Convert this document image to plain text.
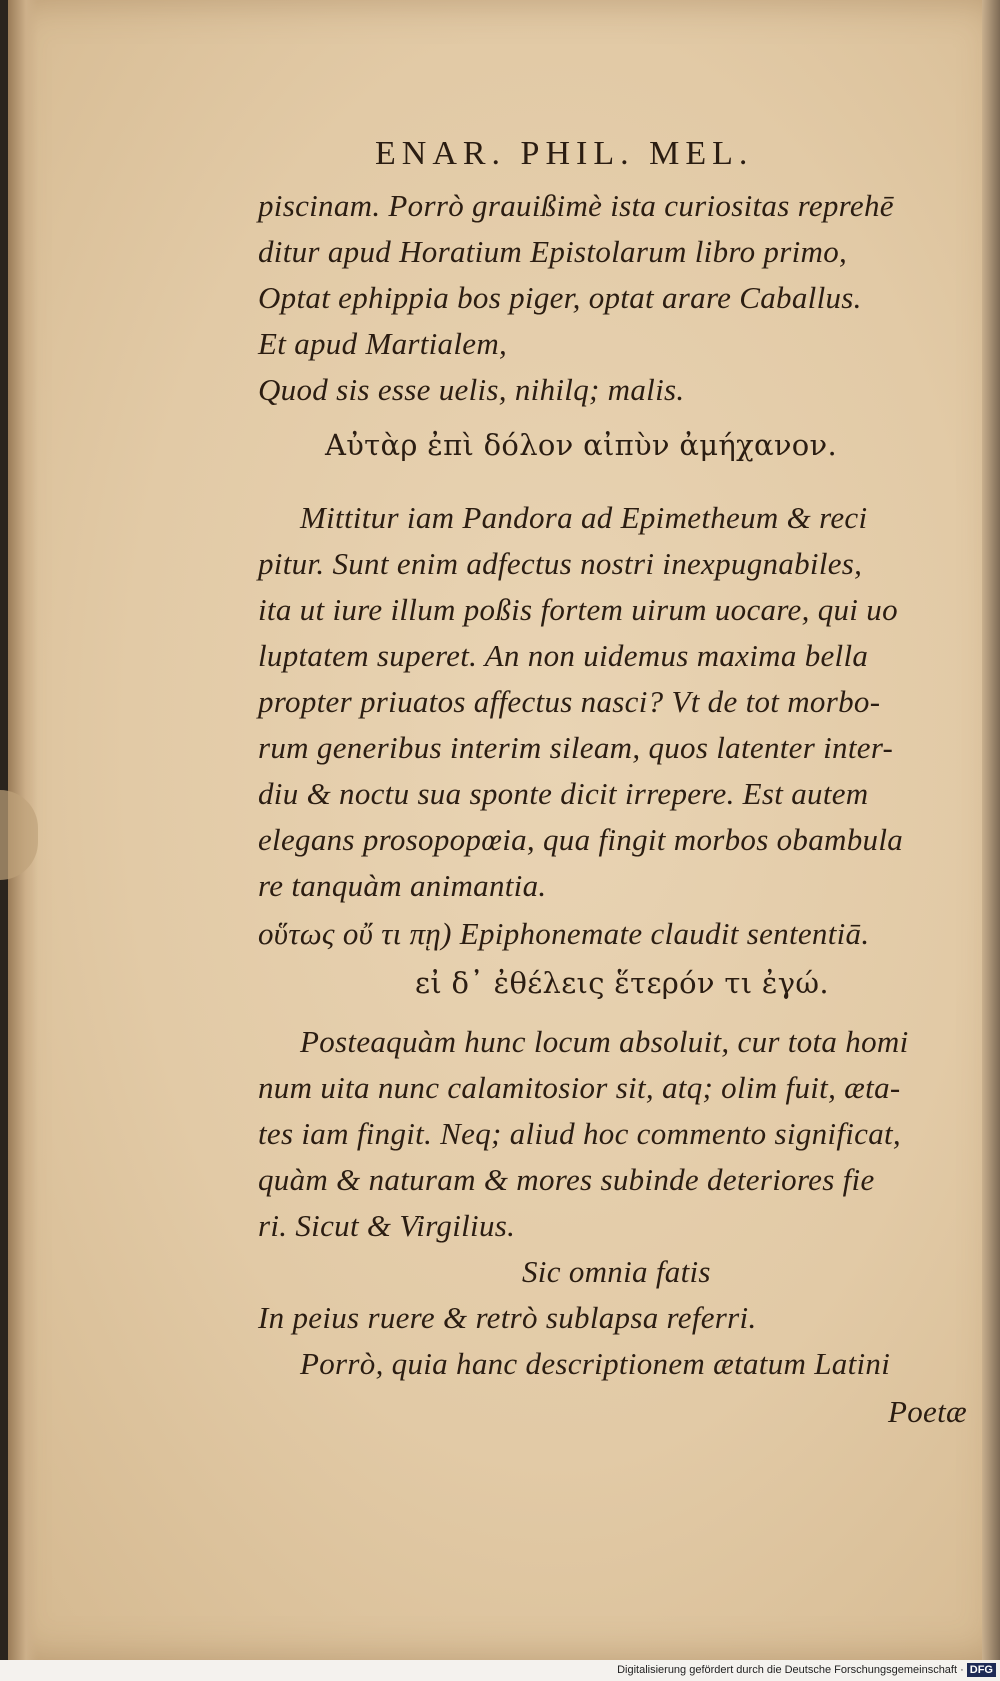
ENAR. PHIL. MEL.
piscinam. Porrò grauißimè ista curiositas reprehē
ditur apud Horatium Epistolarum libro primo,
Optat ephippia bos piger, optat arare Caballus.
Et apud Martialem,
Quod sis esse uelis, nihilq; malis.
Αὐτὰρ ἐπὶ δόλον αἰπὺν ἀμήχανον.
Mittitur iam Pandora ad Epimetheum & reci
pitur. Sunt enim adfectus nostri inexpugnabiles,
ita ut iure illum poßis fortem uirum uocare, qui uo
luptatem superet. An non uidemus maxima bella
propter priuatos affectus nasci? Vt de tot morbo-
rum generibus interim sileam, quos latenter inter-
diu & noctu sua sponte dicit irrepere. Est autem
elegans prosopopœia, qua fingit morbos obambula
re tanquàm animantia.
οὕτως οὔ τι πῃ) Epiphonemate claudit sententiā.
εἰ δ᾽ ἐθέλεις ἕτερόν τι ἐγώ.
Posteaquàm hunc locum absoluit, cur tota homi
num uita nunc calamitosior sit, atq; olim fuit, æta-
tes iam fingit. Neq; aliud hoc commento significat,
quàm & naturam & mores subinde deteriores fie
ri. Sicut & Virgilius.
Sic omnia fatis
In peius ruere & retrò sublapsa referri.
Porrò, quia hanc descriptionem ætatum Latini
Poetæ
Digitalisierung gefördert durch die Deutsche Forschungsgemeinschaft · DFG
